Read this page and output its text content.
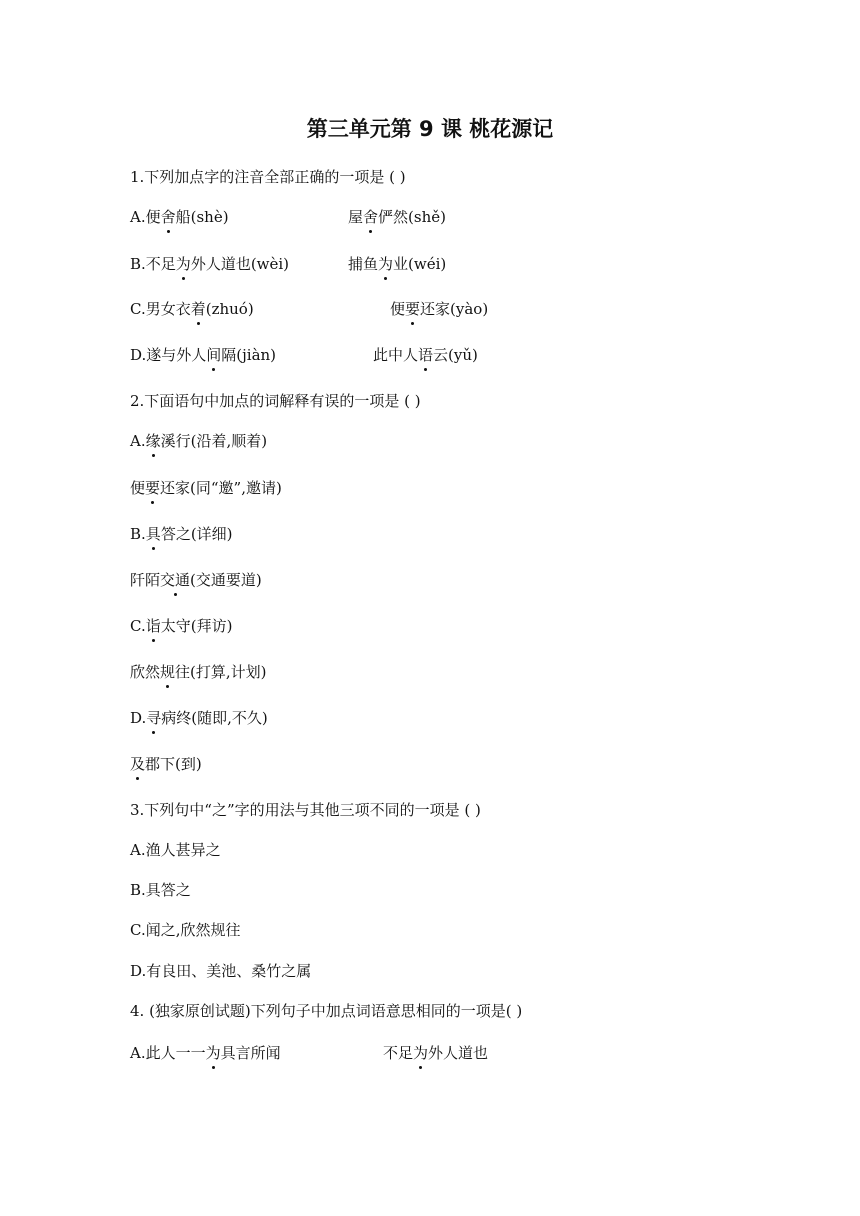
第三单元第 9 课 桃花源记
1.下列加点字的注音全部正确的一项是 ( )
A.便舍船(shè)	屋舍俨然(shě)
B.不足为外人道也(wèi)	捕鱼为业(wéi)
C.男女衣着(zhuó)	便要还家(yào)
D.遂与外人间隔(jiàn)	此中人语云(yǔ)
2.下面语句中加点的词解释有误的一项是 ( )
A.缘溪行(沿着,顺着)
便要还家(同“邀”,邀请)
B.具答之(详细)
阡陌交通(交通要道)
C.诣太守(拜访)
欣然规往(打算,计划)
D.寻病终(随即,不久)
及郡下(到)
3.下列句中“之”字的用法与其他三项不同的一项是 ( )
A.渔人甚异之
B.具答之
C.闻之,欣然规往
D.有良田、美池、桑竹之属
4. (独家原创试题)下列句子中加点词语意思相同的一项是( )
A.此人一一为具言所闻	不足为外人道也
